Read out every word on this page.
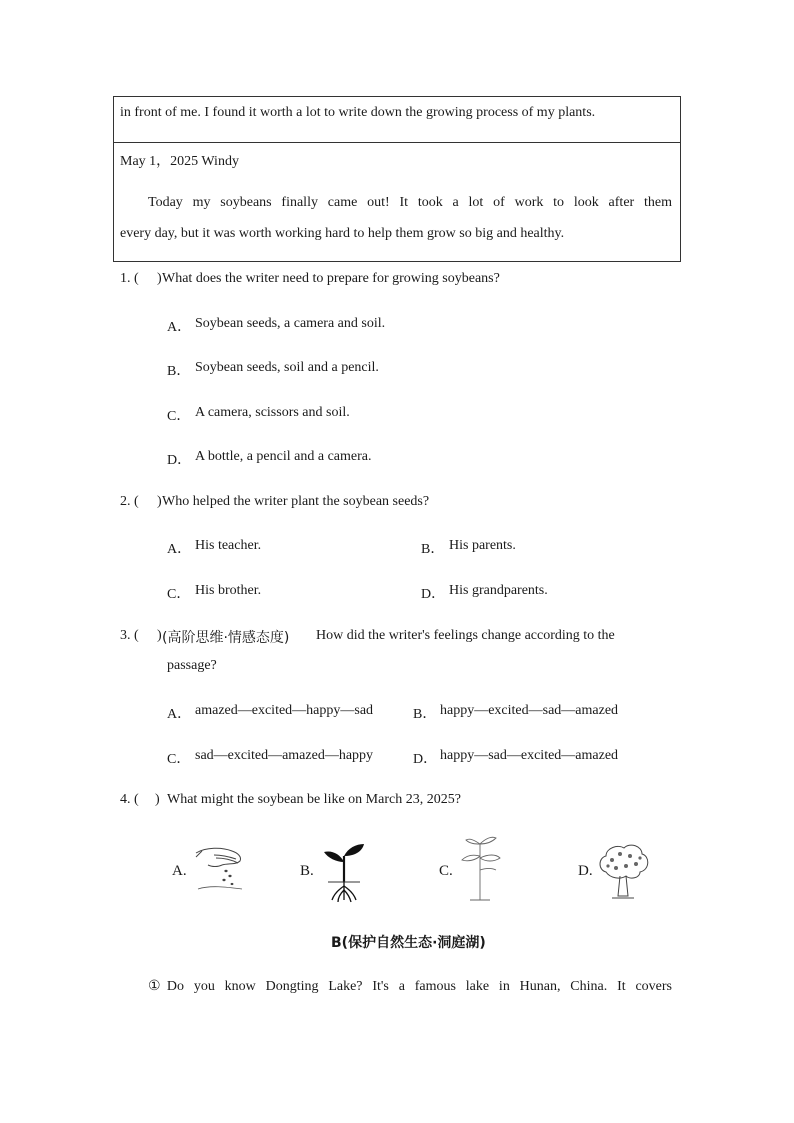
in front of me. I found it worth a lot to write down the growing process of my plants.
May 1，2025 Windy
Today my soybeans finally came out! It took a lot of work to look after them
every day, but it was worth working hard to help them grow so big and healthy.
1. ( ) What does the writer need to prepare for growing soybeans?
A． Soybean seeds, a camera and soil.
B． Soybean seeds, soil and a pencil.
C． A camera, scissors and soil.
D． A bottle, a pencil and a camera.
2. ( ) Who helped the writer plant the soybean seeds?
A． His teacher.	B． His parents.
C． His brother.	D． His grandparents.
3. ( ) (高阶思维·情感态度) How did the writer's feelings change according to the
passage?
A． amazed—excited—happy—sad	B． happy—excited—sad—amazed
C． sad—excited—amazed—happy	D． happy—sad—excited—amazed
4. ( ) What might the soybean be like on March 23, 2025?
A.	B.	C.	D.
B(保护自然生态·洞庭湖)
①Do you know Dongting Lake? It's a famous lake in Hunan, China. It covers
